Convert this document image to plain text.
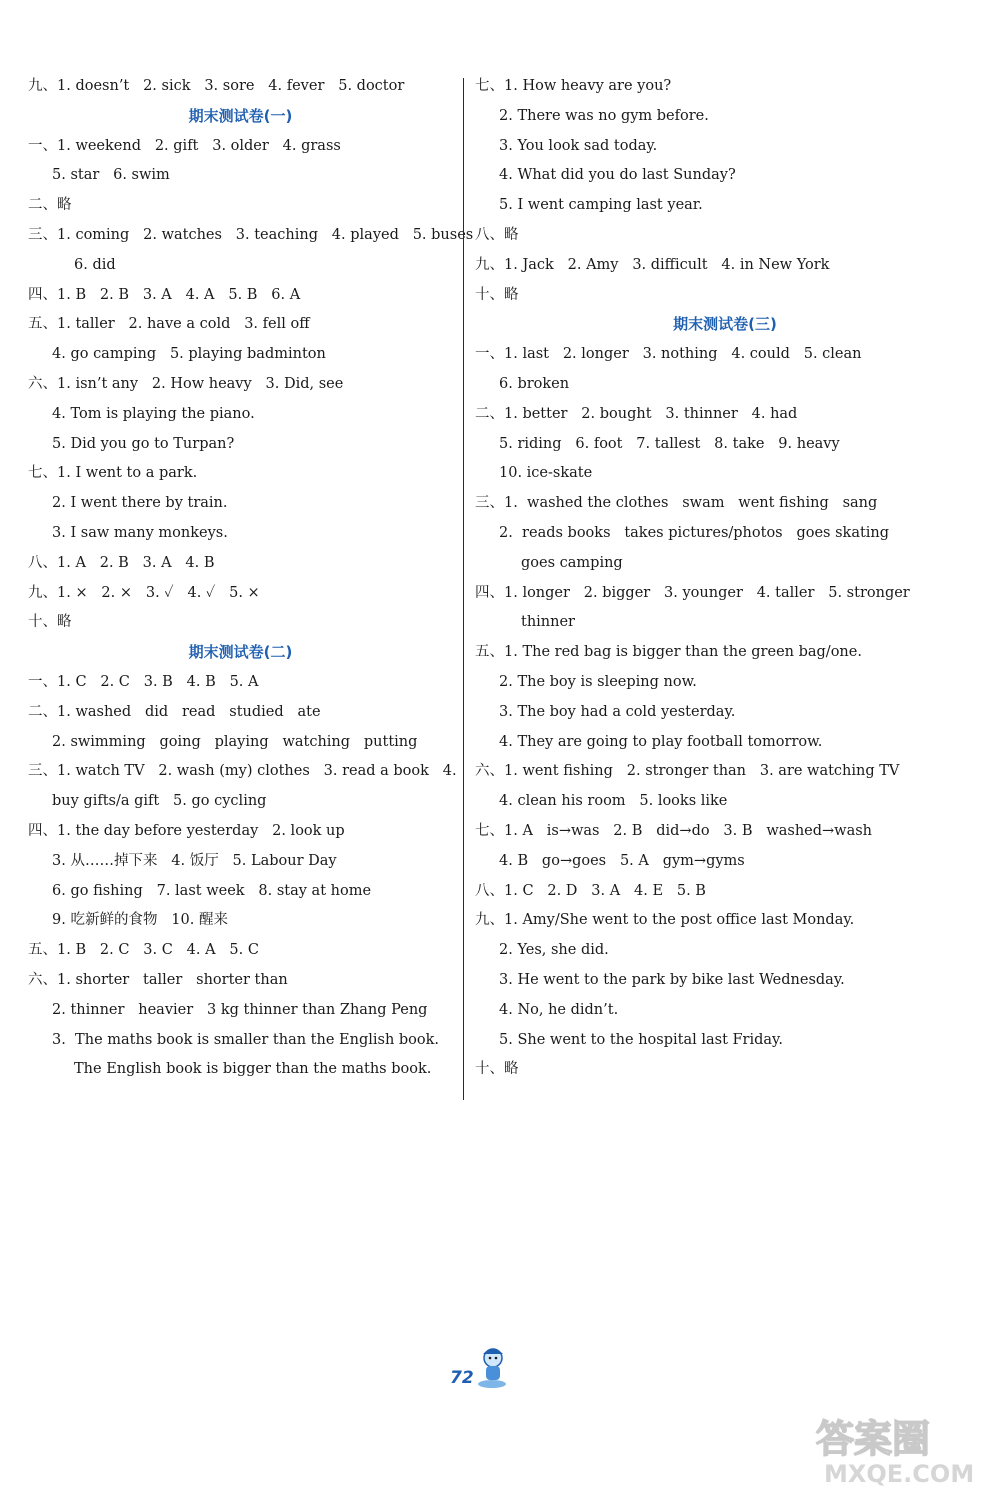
九、1. doesn’t   2. sick   3. sore   4. fever   5. doctor
期末测试卷(一)
一、1. weekend   2. gift   3. older   4. grass
5. star   6. swim
二、略
三、1. coming   2. watches   3. teaching   4. played   5. buses
6. did
四、1. B   2. B   3. A   4. A   5. B   6. A
五、1. taller   2. have a cold   3. fell off
4. go camping   5. playing badminton
六、1. isn’t any   2. How heavy   3. Did, see
4. Tom is playing the piano.
5. Did you go to Turpan?
七、1. I went to a park.
2. I went there by train.
3. I saw many monkeys.
八、1. A   2. B   3. A   4. B
九、1. ×   2. ×   3. ✓   4. ✓   5. ×
十、略
期末测试卷(二)
一、1. C   2. C   3. B   4. B   5. A
二、1. washed   did   read   studied   ate
2. swimming   going   playing   watching   putting
三、1. watch TV   2. wash (my) clothes   3. read a book   4.
buy gifts/a gift   5. go cycling
四、1. the day before yesterday   2. look up
3. 从……掉下来   4. 饭厅   5. Labour Day
6. go fishing   7. last week   8. stay at home
9. 吃新鲜的食物   10. 醒来
五、1. B   2. C   3. C   4. A   5. C
六、1. shorter   taller   shorter than
2. thinner   heavier   3 kg thinner than Zhang Peng
3.  The maths book is smaller than the English book.
The English book is bigger than the maths book.
七、1. How heavy are you?
2. There was no gym before.
3. You look sad today.
4. What did you do last Sunday?
5. I went camping last year.
八、略
九、1. Jack   2. Amy   3. difficult   4. in New York
十、略
期末测试卷(三)
一、1. last   2. longer   3. nothing   4. could   5. clean
6. broken
二、1. better   2. bought   3. thinner   4. had
5. riding   6. foot   7. tallest   8. take   9. heavy
10. ice-skate
三、1.  washed the clothes   swam   went fishing   sang
2.  reads books   takes pictures/photos   goes skating
goes camping
四、1. longer   2. bigger   3. younger   4. taller   5. stronger
thinner
五、1. The red bag is bigger than the green bag/one.
2. The boy is sleeping now.
3. The boy had a cold yesterday.
4. They are going to play football tomorrow.
六、1. went fishing   2. stronger than   3. are watching TV
4. clean his room   5. looks like
七、1. A   is→was   2. B   did→do   3. B   washed→wash
4. B   go→goes   5. A   gym→gyms
八、1. C   2. D   3. A   4. E   5. B
九、1. Amy/She went to the post office last Monday.
2. Yes, she did.
3. He went to the park by bike last Wednesday.
4. No, he didn’t.
5. She went to the hospital last Friday.
十、略
72
答案圈
MXQE.COM
